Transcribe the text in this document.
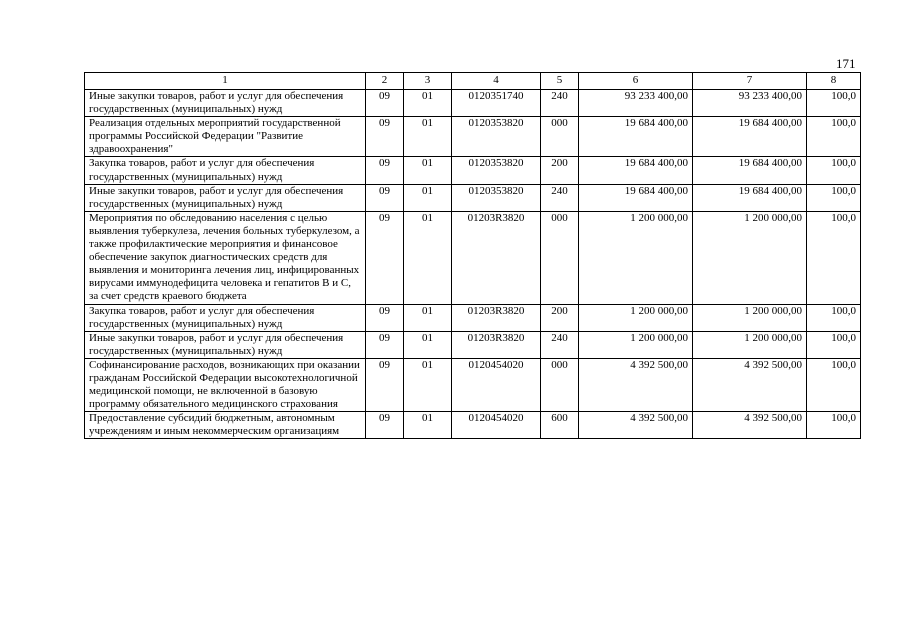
171
1	2	3	4	5	6	7	8
Иные закупки товаров, работ и услуг для обеспечения государственных (муниципальных) нужд	09	01	0120351740	240	93 233 400,00	93 233 400,00	100,0
Реализация отдельных мероприятий государственной программы Российской Федерации "Развитие здравоохранения"	09	01	0120353820	000	19 684 400,00	19 684 400,00	100,0
Закупка товаров, работ и услуг для обеспечения государственных (муниципальных) нужд	09	01	0120353820	200	19 684 400,00	19 684 400,00	100,0
Иные закупки товаров, работ и услуг для обеспечения государственных (муниципальных) нужд	09	01	0120353820	240	19 684 400,00	19 684 400,00	100,0
Мероприятия по обследованию населения с целью выявления туберкулеза, лечения больных туберкулезом, а также профилактические мероприятия и финансовое обеспечение закупок диагностических средств для выявления и мониторинга лечения лиц, инфицированных вирусами иммунодефицита человека и гепатитов В и С, за счет средств краевого бюджета	09	01	01203R3820	000	1 200 000,00	1 200 000,00	100,0
Закупка товаров, работ и услуг для обеспечения государственных (муниципальных) нужд	09	01	01203R3820	200	1 200 000,00	1 200 000,00	100,0
Иные закупки товаров, работ и услуг для обеспечения государственных (муниципальных) нужд	09	01	01203R3820	240	1 200 000,00	1 200 000,00	100,0
Софинансирование расходов, возникающих при оказании гражданам Российской Федерации высокотехнологичной медицинской помощи, не включенной в базовую программу обязательного медицинского страхования	09	01	0120454020	000	4 392 500,00	4 392 500,00	100,0
Предоставление субсидий бюджетным, автономным учреждениям и иным некоммерческим организациям	09	01	0120454020	600	4 392 500,00	4 392 500,00	100,0
